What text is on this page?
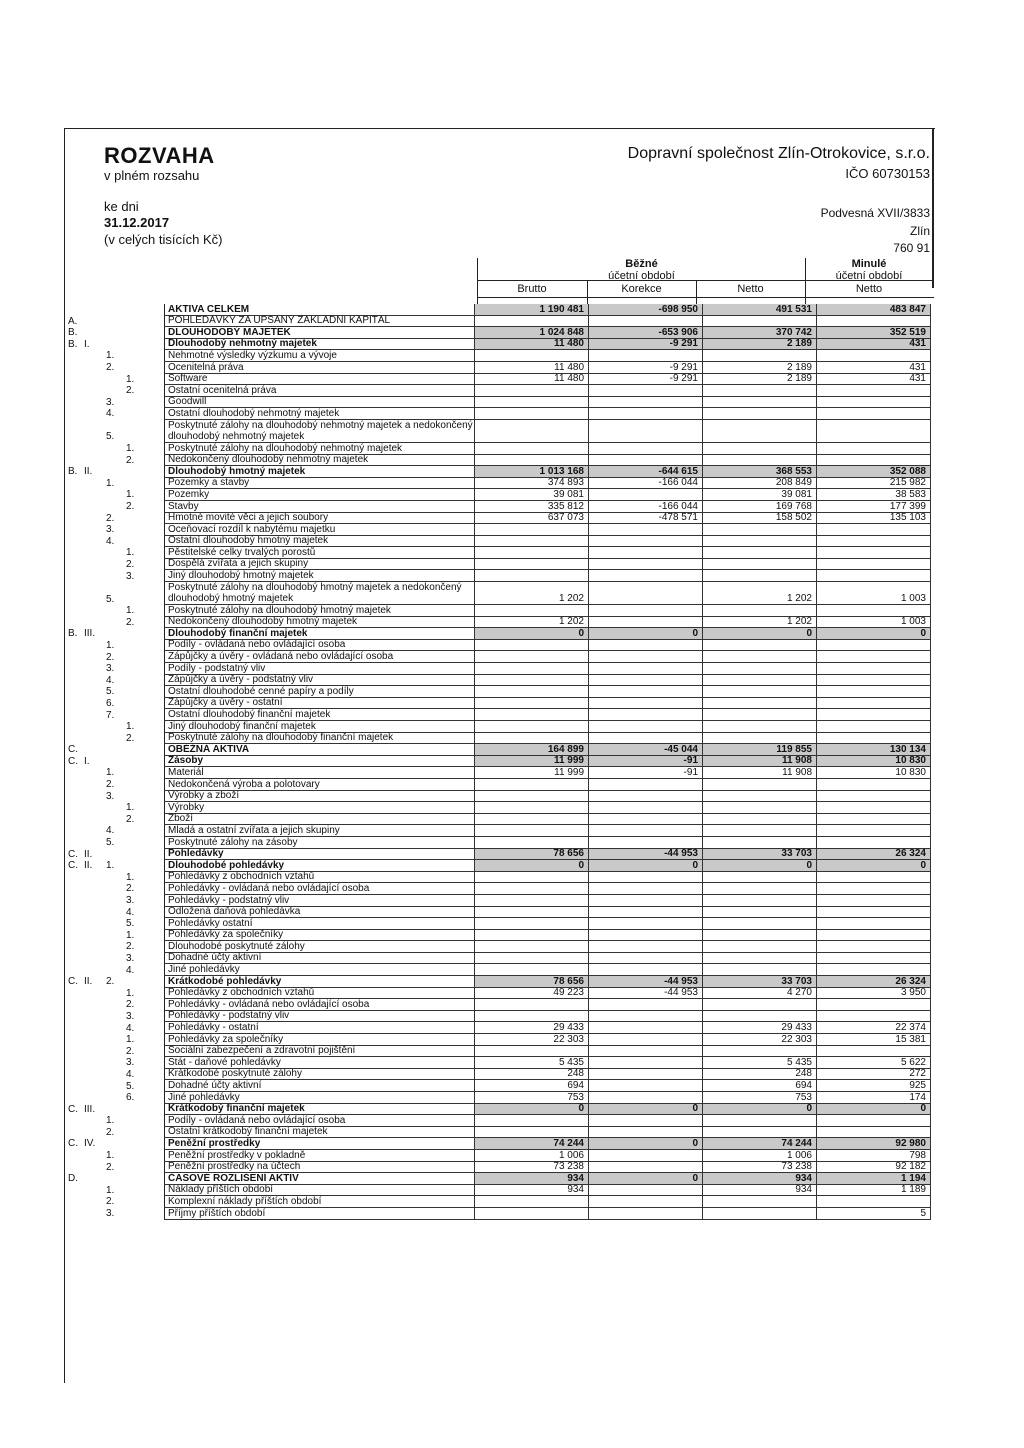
ROZVAHA
v plném rozsahu
Dopravní společnost Zlín-Otrokovice, s.r.o.
IČO 60730153
ke dni
31.12.2017
(v celých tisících Kč)
Podvesná XVII/3833
Zlín
760 91
Běžné
účetní období
Minulé
účetní období
Brutto	Korekce	Netto	Netto
	AKTIVA CELKEM	1 190 481	-698 950	491 531	483 847
A.	POHLEDÁVKY ZA UPSANÝ ZÁKLADNÍ KAPITÁL				
B.	DLOUHODOBÝ MAJETEK	1 024 848	-653 906	370 742	352 519
B. I.	Dlouhodobý nehmotný majetek	11 480	-9 291	2 189	431
1.	Nehmotné výsledky výzkumu a vývoje				
2.	Ocenitelná práva	11 480	-9 291	2 189	431
1.	Software	11 480	-9 291	2 189	431
2.	Ostatní ocenitelná práva				
3.	Goodwill				
4.	Ostatní dlouhodobý nehmotný majetek				
5.	Poskytnuté zálohy na dlouhodobý nehmotný majetek a nedokončený dlouhodobý nehmotný majetek				
1.	Poskytnuté zálohy na dlouhodobý nehmotný majetek				
2.	Nedokončený dlouhodobý nehmotný majetek				
B. II.	Dlouhodobý hmotný majetek	1 013 168	-644 615	368 553	352 088
1.	Pozemky a stavby	374 893	-166 044	208 849	215 982
1.	Pozemky	39 081		39 081	38 583
2.	Stavby	335 812	-166 044	169 768	177 399
2.	Hmotné movité věci a jejich soubory	637 073	-478 571	158 502	135 103
3.	Oceňovací rozdíl k nabytému majetku				
4.	Ostatní dlouhodobý hmotný majetek				
1.	Pěstitelské celky trvalých porostů				
2.	Dospělá zvířata a jejich skupiny				
3.	Jiný dlouhodobý hmotný majetek				
5.	Poskytnuté zálohy na dlouhodobý hmotný majetek a nedokončený dlouhodobý hmotný majetek	1 202		1 202	1 003
1.	Poskytnuté zálohy na dlouhodobý hmotný majetek				
2.	Nedokončený dlouhodobý hmotný majetek	1 202		1 202	1 003
B. III.	Dlouhodobý finanční majetek	0	0	0	0
1.	Podíly - ovládaná nebo ovládající osoba				
2.	Zápůjčky a úvěry - ovládaná nebo ovládající osoba				
3.	Podíly - podstatný vliv				
4.	Zápůjčky a úvěry - podstatný vliv				
5.	Ostatní dlouhodobé cenné papíry a podíly				
6.	Zápůjčky a úvěry - ostatní				
7.	Ostatní dlouhodobý finanční majetek				
1.	Jiný dlouhodobý finanční majetek				
2.	Poskytnuté zálohy na dlouhodobý finanční majetek				
C.	OBĚŽNÁ AKTIVA	164 899	-45 044	119 855	130 134
C. I.	Zásoby	11 999	-91	11 908	10 830
1.	Materiál	11 999	-91	11 908	10 830
2.	Nedokončená výroba a polotovary				
3.	Výrobky a zboží				
1.	Výrobky				
2.	Zboží				
4.	Mladá a ostatní zvířata a jejich skupiny				
5.	Poskytnuté zálohy na zásoby				
C. II.	Pohledávky	78 656	-44 953	33 703	26 324
C. II. 1.	Dlouhodobé pohledávky	0	0	0	0
1.	Pohledávky z obchodních vztahů				
2.	Pohledávky - ovládaná nebo ovládající osoba				
3.	Pohledávky - podstatný vliv				
4.	Odložená daňová pohledávka				
5.	Pohledávky ostatní				
1.	Pohledávky za společníky				
2.	Dlouhodobé poskytnuté zálohy				
3.	Dohadné účty aktivní				
4.	Jiné pohledávky				
C. II. 2.	Krátkodobé pohledávky	78 656	-44 953	33 703	26 324
1.	Pohledávky z obchodních vztahů	49 223	-44 953	4 270	3 950
2.	Pohledávky - ovládaná nebo ovládající osoba				
3.	Pohledávky - podstatný vliv				
4.	Pohledávky - ostatní	29 433		29 433	22 374
1.	Pohledávky za společníky	22 303		22 303	15 381
2.	Sociální zabezpečení a zdravotní pojištění				
3.	Stát - daňové pohledávky	5 435		5 435	5 622
4.	Krátkodobé poskytnuté zálohy	248		248	272
5.	Dohadné účty aktivní	694		694	925
6.	Jiné pohledávky	753		753	174
C. III.	Krátkodobý finanční majetek	0	0	0	0
1.	Podíly - ovládaná nebo ovládající osoba				
2.	Ostatní krátkodobý finanční majetek				
C. IV.	Peněžní prostředky	74 244	0	74 244	92 980
1.	Peněžní prostředky v pokladně	1 006		1 006	798
2.	Peněžní prostředky na účtech	73 238		73 238	92 182
D.	ČASOVÉ ROZLIŠENÍ AKTIV	934	0	934	1 194
1.	Náklady příštích období	934		934	1 189
2.	Komplexní náklady příštích období				
3.	Příjmy příštích období				5
